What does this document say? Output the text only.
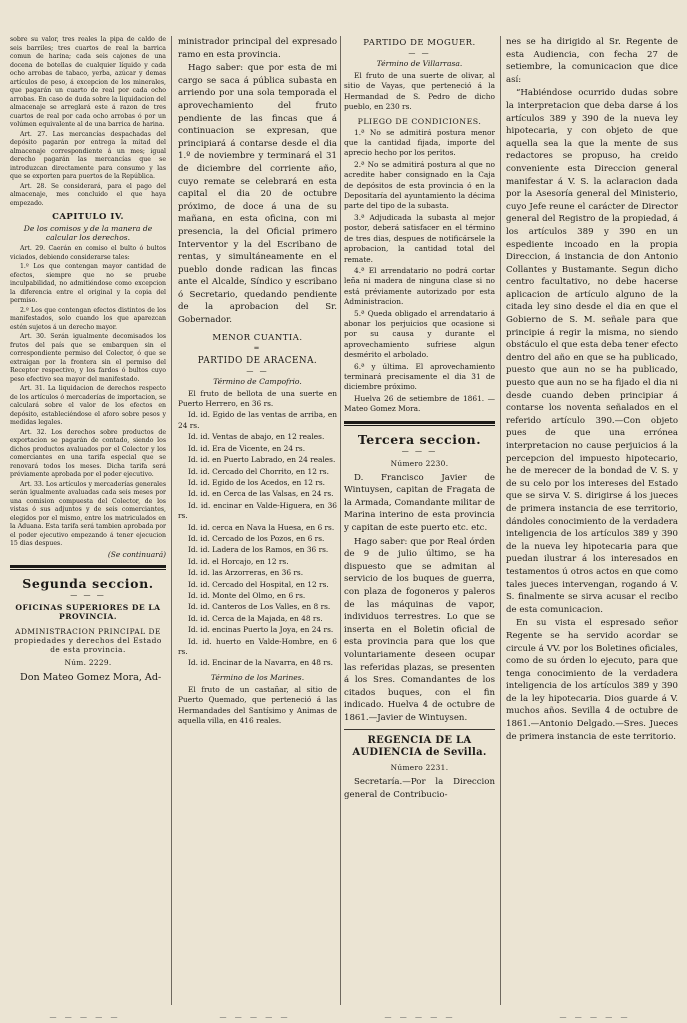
sobre su valor, tres reales la pipa de caldo de seis barriles; tres cuartos de real la barrica comun de harina; cada seis cajones de una docena de botellas de cualquier líquido y cada ocho arrobas de tabaco, yerba, azúcar y demas artículos de peso, á excepcion de los minerales, que pagarán un cuarto de real por cada ocho arrobas. En caso de duda sobre la liquidacion del almacenaje se arreglará este á razon de tres cuartos de real por cada ocho arrobas ó por un volúmen equivalente al de una barrica de harina.

Art. 27. Las mercancías despachadas del depósito pagarán por entrega la mitad del almacenaje correspondiente á un mes; igual derecho pagarán las mercancías que se introduzcan directamente para consumo y las que se exporten para puertos de la República.

Art. 28. Se considerará, para el pago del almacenaje, mes concluido el que haya empezado.

CAPITULO IV.
De los comisos y de la manera de calcular los derechos.

Art. 29. Caerán en comiso el bulto ó bultos viciados, debiendo considerarse tales:

1.º Los que contengan mayor cantidad de efectos, siempre que no se pruebe inculpabilidad, no admitiéndose como excepcion la diferencia entre el original y la copia del permiso.

2.º Los que contengan efectos distintos de los manifestados, solo cuando los que aparezcan estén sujetos á un derecho mayor.

Art. 30. Serán igualmente decomisados los frutos del país que se embarquen sin el correspondiente permiso del Colector, ó que se extraigan por la frontera sin el permiso del Receptor respectivo, y los fardos ó bultos cuyo peso efectivo sea mayor del manifestado.

Art. 31. La liquidacion de derechos respecto de los artículos ó mercaderías de importacion, se calculará sobre el valor de los efectos en depósito, estableciéndose el aforo sobre pesos y medidas legales.

Art. 32. Los derechos sobre productos de exportacion se pagarán de contado, siendo los dichos productos avaluados por el Colector y los comerciantes en una tarifa especial que se renovará todos los meses. Dicha tarifa será préviamente aprobada por el poder ejecutivo.

Art. 33. Los artículos y mercaderías generales serán igualmente avaluadas cada seis meses por una comision compuesta del Colector, de los vistas ó sus adjuntos y de seis comerciantes, elegidos por el mismo, entre los matriculados en la Aduana. Esta tarifa será tambien aprobada por el poder ejecutivo empezando á tener ejecucion 15 dias despues.

(Se continuará)
Segunda seccion.
— — —
OFICINAS SUPERIORES DE LA PROVINCIA.
ADMINISTRACION PRINCIPAL DE propiedades y derechos del Estado de esta provincia.
Núm. 2229.

Don Mateo Gomez Mora, Ad-

ministrador principal del expresado ramo en esta provincia.

Hago saber: que por esta de mi cargo se saca á pública subasta en arriendo por una sola temporada el aprovechamiento del fruto pendiente de las fincas que á continuacion se expresan, que principiará á contarse desde el dia 1.º de noviembre y terminará el 31 de diciembre del corriente año, cuyo remate se celebrará en esta capital el dia 20 de octubre próximo, de doce á una de su mañana, en esta oficina, con mi presencia, la del Oficial primero Interventor y la del Escribano de rentas, y simultáneamente en el pueblo donde radican las fincas ante el Alcalde, Síndico y escribano ó Secretario, quedando pendiente de la aprobacion del Sr. Gobernador.

MENOR CUANTIA.
═
PARTIDO DE ARACENA.
— —
Término de Campofrio.

El fruto de bellota de una suerte en Puerto Herrero, en 36 rs.

Id. id. Egido de las ventas de arriba, en 24 rs.

Id. id. Ventas de abajo, en 12 reales.

Id. id. Era de Vicente, en 24 rs.

Id. id. en Puerto Labrado, en 24 reales.

Id. id. Cercado del Chorrito, en 12 rs.

Id. id. Egido de los Acedos, en 12 rs.

Id. id. en Cerca de las Valsas, en 24 rs.

Id. id. encinar en Valde-Higuera, en 36 rs.

Id. id. cerca en Nava la Huesa, en 6 rs.

Id. id. Cercado de los Pozos, en 6 rs.

Id. id. Ladera de los Ramos, en 36 rs.

Id. id. el Horcajo, en 12 rs.

Id. id. las Arzorreras, en 36 rs.

Id. id. Cercado del Hospital, en 12 rs.

Id. id. Monte del Olmo, en 6 rs.

Id. id. Canteros de Los Valles, en 8 rs.

Id. id. Cerca de la Majada, en 48 rs.

Id. id. encinas Puerto la Joya, en 24 rs.

Id. id. huerto en Valde-Hombre, en 6 rs.

Id. id. Encinar de la Navarra, en 48 rs.

Término de los Marines.

El fruto de un castañar, al sitio de Puerto Quemado, que perteneció á las Hermandades del Santísimo y Animas de aquella villa, en 416 reales.

PARTIDO DE MOGUER.
— —
Término de Villarrasa.

El fruto de una suerte de olivar, al sitio de Vayas, que perteneció á la Hermandad de S. Pedro de dicho pueblo, en 230 rs.

PLIEGO DE CONDICIONES.

1.ª No se admitirá postura menor que la cantidad fijada, importe del aprecio hecho por los peritos.

2.ª No se admitirá postura al que no acredite haber consignado en la Caja de depósitos de esta provincia ó en la Depositaría del ayuntamiento la décima parte del tipo de la subasta.

3.ª Adjudicada la subasta al mejor postor, deberá satisfacer en el término de tres dias, despues de notificársele la aprobacion, la cantidad total del remate.

4.ª El arrendatario no podrá cortar leña ni madera de ninguna clase si no está préviamente autorizado por esta Administracion.

5.ª Queda obligado el arrendatario á abonar los perjuicios que ocasione si por su causa y durante el aprovechamiento sufriese algun desmérito el arbolado.

6.ª y última. El aprovechamiento terminará precisamente el dia 31 de diciembre próximo.

Huelva 26 de setiembre de 1861. —Mateo Gomez Mora.

Tercera seccion.
— — —
Número 2230.

D. Francisco Javier de Wintuysen, capitan de Fragata de la Armada, Comandante militar de Marina interino de esta provincia y capitan de este puerto etc. etc.

Hago saber: que por Real órden de 9 de julio último, se ha dispuesto que se admitan al servicio de los buques de guerra, con plaza de fogoneros y paleros de las máquinas de vapor, individuos terrestres. Lo que se inserta en el Boletin oficial de esta provincia para que los que voluntariamente deseen ocupar las referidas plazas, se presenten á los Sres. Comandantes de los citados buques, con el fin indicado. Huelva 4 de octubre de 1861.—Javier de Wintuysen.

REGENCIA DE LA AUDIENCIA de Sevilla.
Número 2231.

Secretaría.—Por la Direccion general de Contribucio-

nes se ha dirigido al Sr. Regente de esta Audiencia, con fecha 27 de setiembre, la comunicacion que dice así:

“Habiéndose ocurrido dudas sobre la interpretacion que deba darse á los artículos 389 y 390 de la nueva ley hipotecaria, y con objeto de que aquella sea la que la mente de sus redactores se propuso, ha creido conveniente esta Direccion general manifestar á V. S. la aclaracion dada por la Asesoría general del Ministerio, cuyo Jefe reune el carácter de Director general del Registro de la propiedad, á los artículos 389 y 390 en un espediente incoado en la propia Direccion, á instancia de don Antonio Collantes y Bustamante. Segun dicho centro facultativo, no debe hacerse aplicacion de artículo alguno de la citada ley sino desde el dia en que el Gobierno de S. M. señale para que principie á regir la misma, no siendo obstáculo el que esta deba tener efecto dentro del año en que se ha publicado, puesto que aun no se ha publicado, puesto que aun no se ha fijado el dia ni desde cuando deben principiar á contarse los noventa señalados en el referido artículo 390.—Con objeto pues de que una errónea interpretacion no cause perjuicios á la percepcion del impuesto hipotecario, he de merecer de la bondad de V. S. y de su celo por los intereses del Estado que se sirva V. S. dirigirse á los jueces de primera instancia de ese territorio, dándoles conocimiento de la verdadera inteligencia de los artículos 389 y 390 de la nueva ley hipotecaria para que puedan ilustrar á los interesados en testamentos ú otros actos en que como tales jueces intervengan, rogando á V. S. finalmente se sirva acusar el recibo de esta comunicacion.

En su vista el espresado señor Regente se ha servido acordar se circule á VV. por los Boletines oficiales, como de su órden lo ejecuto, para que tenga conocimiento de la verdadera inteligencia de los artículos 389 y 390 de la ley hipotecaria. Dios guarde á V. muchos años. Sevilla 4 de octubre de 1861.—Antonio Delgado.—Sres. Jueces de primera instancia de este territorio.

— — — — —	— — — — —	— — — — —	— — — — —
